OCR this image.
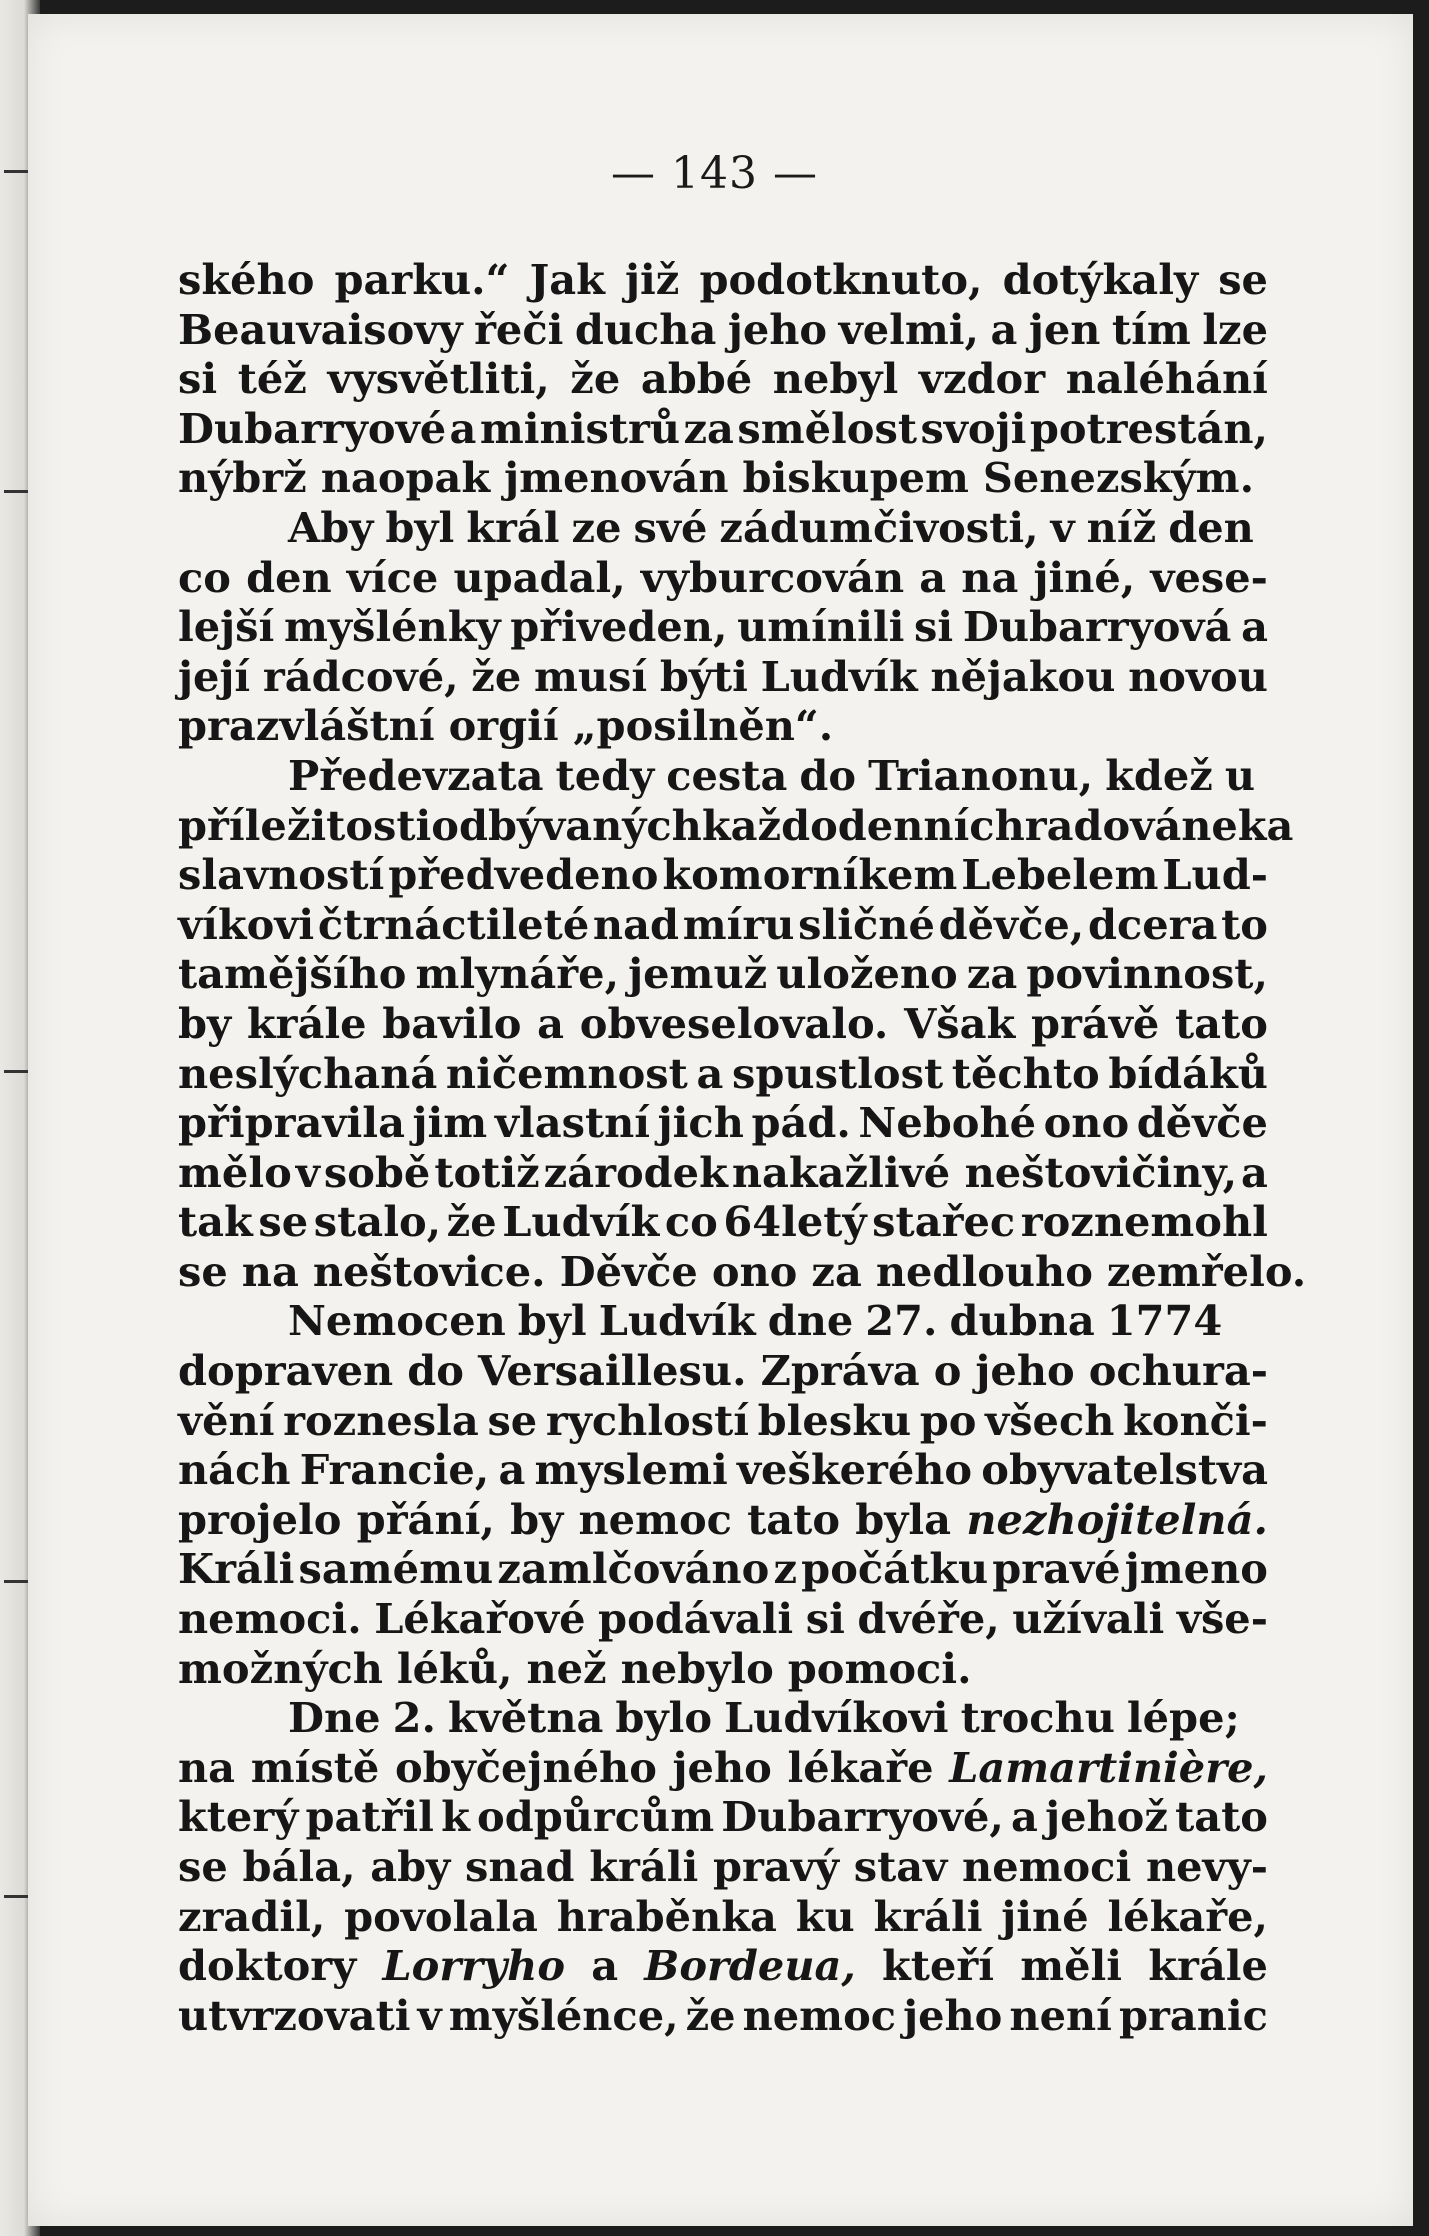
— 143 —
ského parku.“ Jak již podotknuto, dotýkaly se
Beauvaisovy řeči ducha jeho velmi, a jen tím lze
si též vysvětliti, že abbé nebyl vzdor naléhání
Dubarryové a ministrů za smělost svoji potrestán,
nýbrž naopak jmenován biskupem Senezským.
Aby byl král ze své zádumčivosti, v níž den
co den více upadal, vyburcován a na jiné, vese-
lejší myšlénky přiveden, umínili si Dubarryová a
její rádcové, že musí býti Ludvík nějakou novou
prazvláštní orgií „posilněn“.
Předevzata tedy cesta do Trianonu, kdež u
příležitosti odbývaných každodenních radovánek a
slavností předvedeno komorníkem Lebelem Lud-
víkovi čtrnáctileté nad míru sličné děvče, dcera to
tamějšího mlynáře, jemuž uloženo za povinnost,
by krále bavilo a obveselovalo. Však právě tato
neslýchaná ničemnost a spustlost těchto bídáků
připravila jim vlastní jich pád. Nebohé ono děvče
mělo v sobě totiž zárodek nakažlivé neštovičiny, a
tak se stalo, že Ludvík co 64letý stařec roznemohl
se na neštovice. Děvče ono za nedlouho zemřelo.
Nemocen byl Ludvík dne 27. dubna 1774
dopraven do Versaillesu. Zpráva o jeho ochura-
vění roznesla se rychlostí blesku po všech konči-
nách Francie, a myslemi veškerého obyvatelstva
projelo přání, by nemoc tato byla nezhojitelná.
Králi samému zamlčováno z počátku pravé jmeno
nemoci. Lékařové podávali si dvéře, užívali vše-
možných léků, než nebylo pomoci.
Dne 2. května bylo Ludvíkovi trochu lépe;
na místě obyčejného jeho lékaře Lamartinière,
který patřil k odpůrcům Dubarryové, a jehož tato
se bála, aby snad králi pravý stav nemoci nevy-
zradil, povolala hraběnka ku králi jiné lékaře,
doktory Lorryho a Bordeua, kteří měli krále
utvrzovati v myšlénce, že nemoc jeho není pranic
